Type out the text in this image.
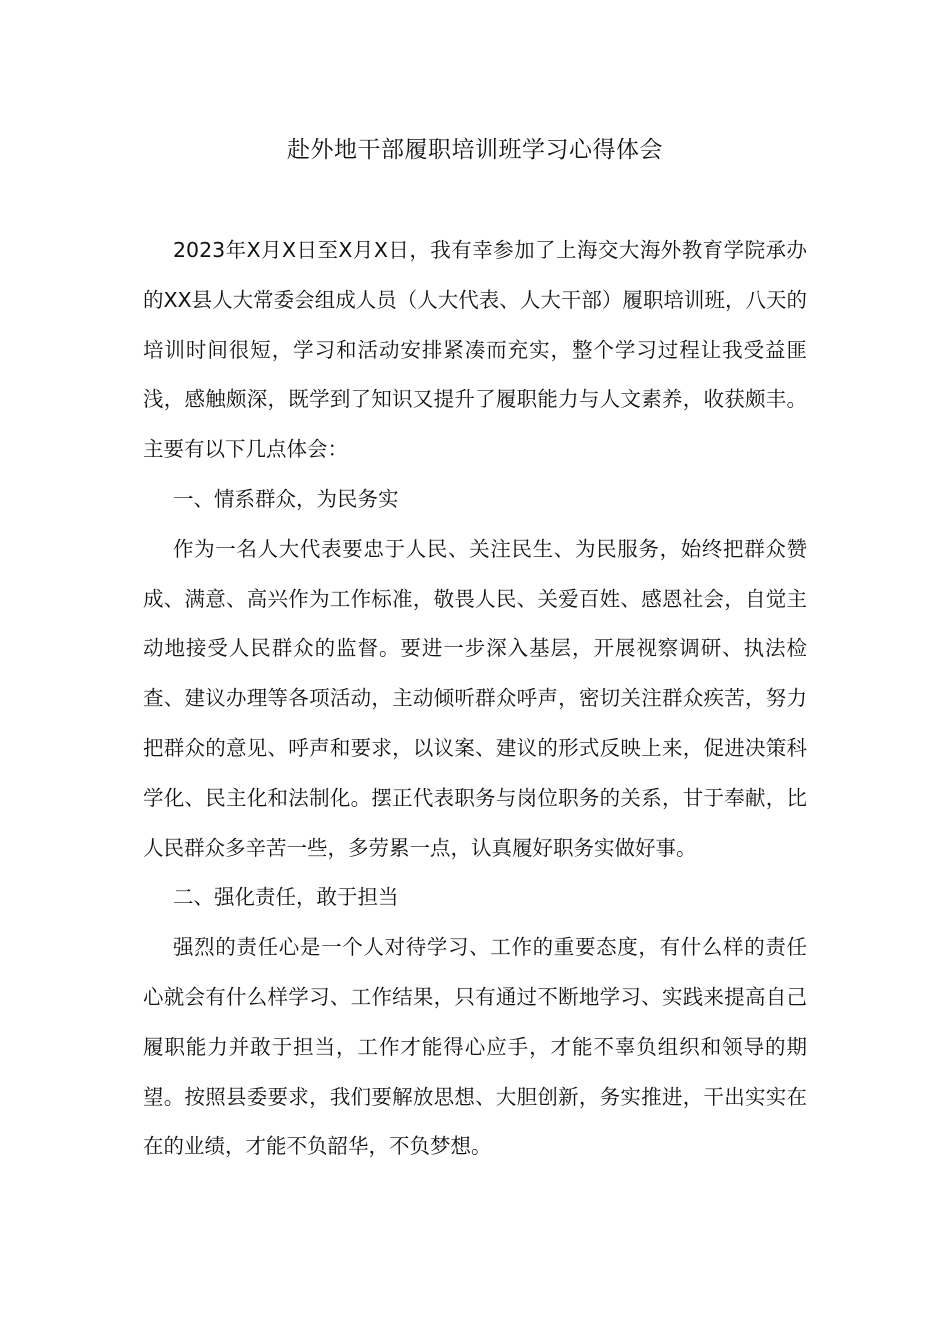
赴外地干部履职培训班学习心得体会

2023年X月X日至X月X日，我有幸参加了上海交大海外教育学院承办的XX县人大常委会组成人员（人大代表、人大干部）履职培训班，八天的培训时间很短，学习和活动安排紧凑而充实，整个学习过程让我受益匪浅，感触颇深，既学到了知识又提升了履职能力与人文素养，收获颇丰。主要有以下几点体会：

一、情系群众，为民务实

作为一名人大代表要忠于人民、关注民生、为民服务，始终把群众赞成、满意、高兴作为工作标准，敬畏人民、关爱百姓、感恩社会，自觉主动地接受人民群众的监督。要进一步深入基层，开展视察调研、执法检查、建议办理等各项活动，主动倾听群众呼声，密切关注群众疾苦，努力把群众的意见、呼声和要求，以议案、建议的形式反映上来，促进决策科学化、民主化和法制化。摆正代表职务与岗位职务的关系，甘于奉献，比人民群众多辛苦一些，多劳累一点，认真履好职务实做好事。

二、强化责任，敢于担当

强烈的责任心是一个人对待学习、工作的重要态度，有什么样的责任心就会有什么样学习、工作结果，只有通过不断地学习、实践来提高自己履职能力并敢于担当，工作才能得心应手，才能不辜负组织和领导的期望。按照县委要求，我们要解放思想、大胆创新，务实推进，干出实实在在的业绩，才能不负韶华，不负梦想。
